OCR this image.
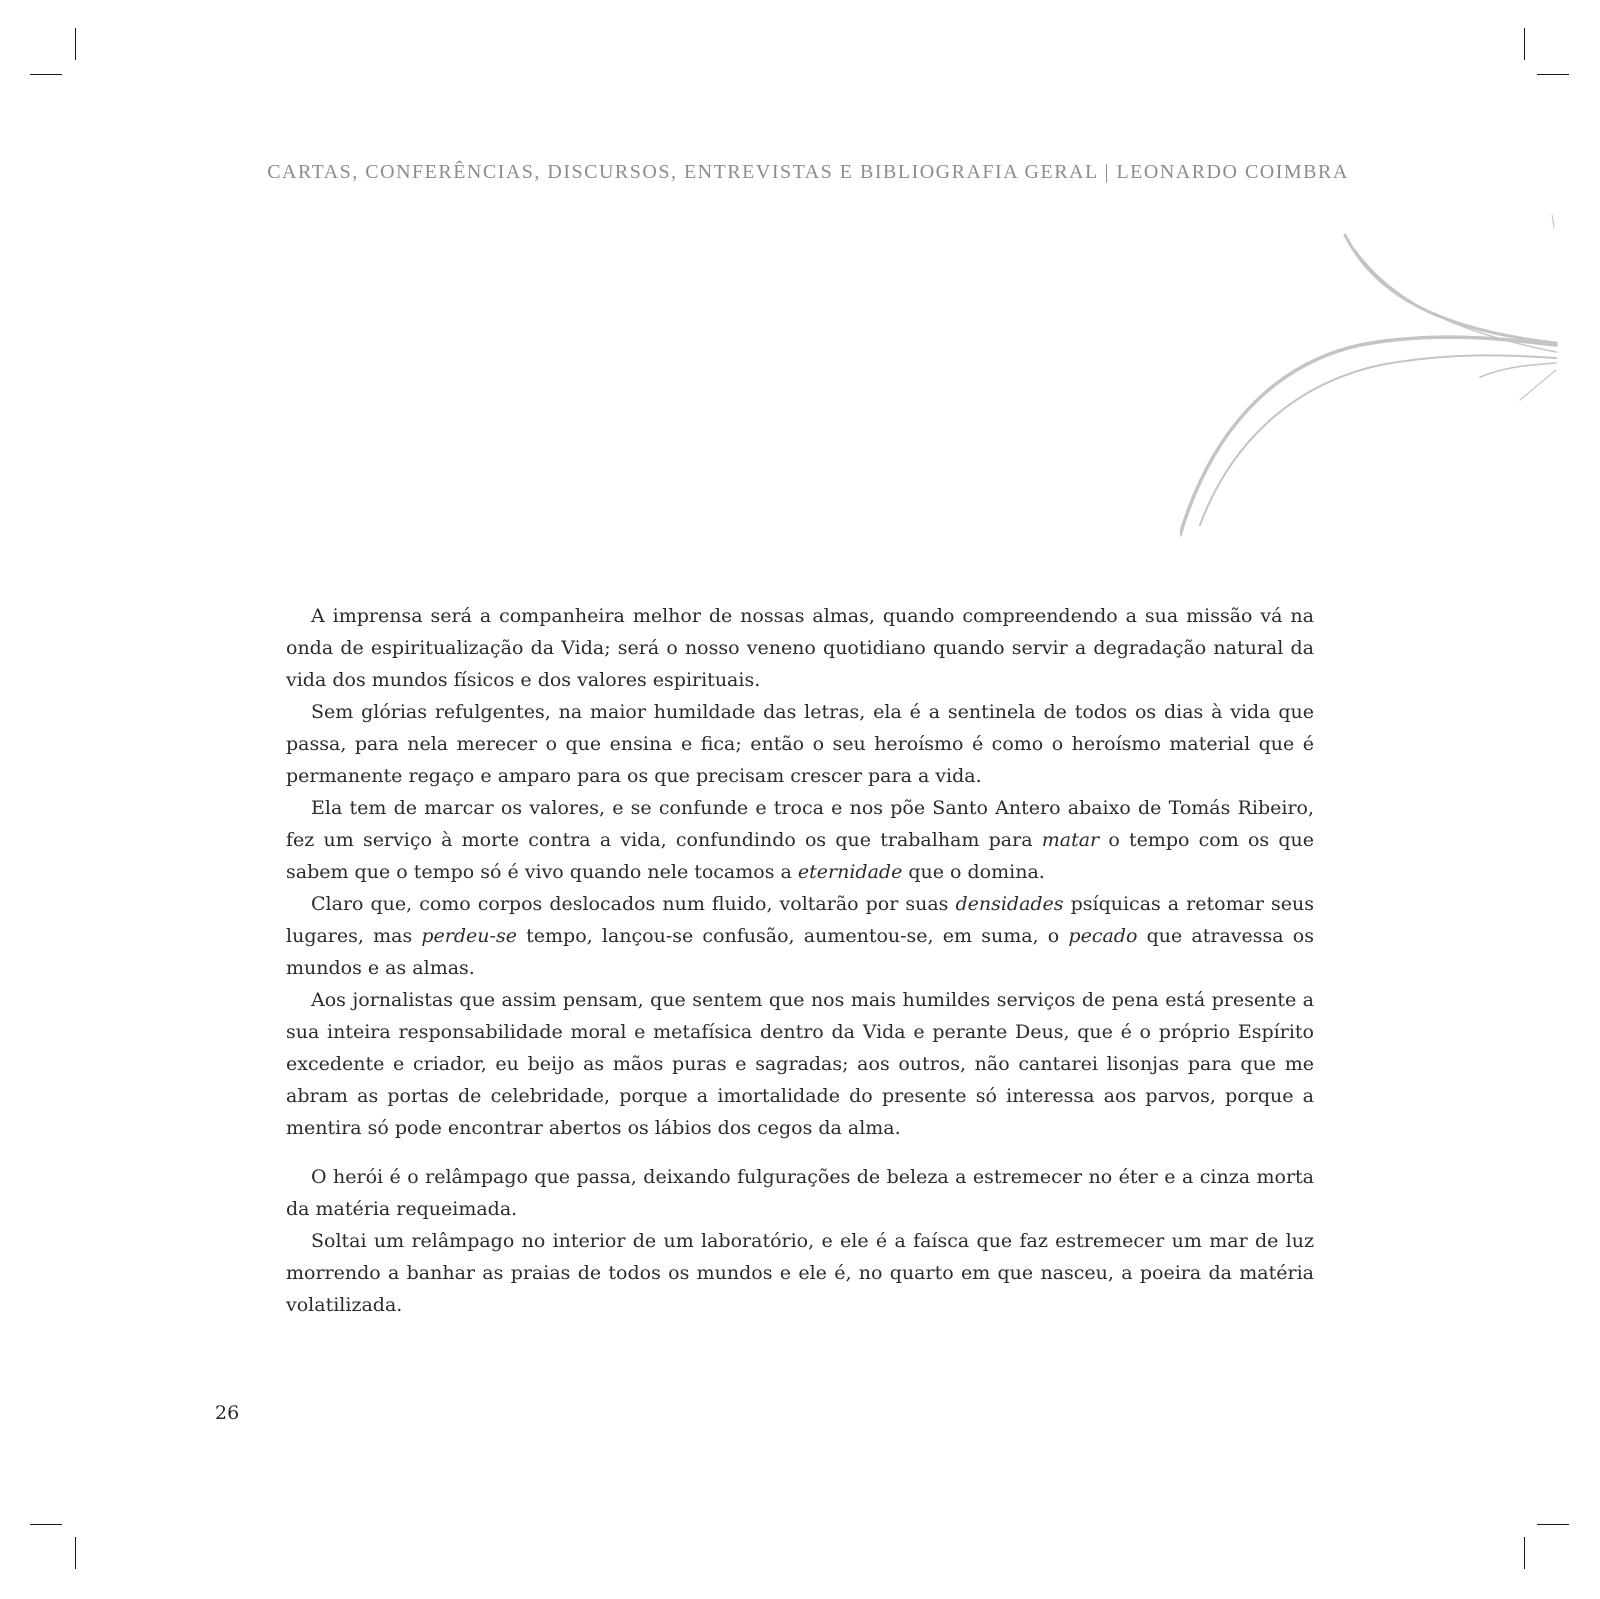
CARTAS, CONFERÊNCIAS, DISCURSOS, ENTREVISTAS E BIBLIOGRAFIA GERAL | LEONARDO COIMBRA

A imprensa será a companheira melhor de nossas almas, quando compreendendo a sua missão vá na onda de espiritualização da Vida; será o nosso veneno quotidiano quando servir a degradação natural da vida dos mundos físicos e dos valores espirituais.

Sem glórias refulgentes, na maior humildade das letras, ela é a sentinela de todos os dias à vida que passa, para nela merecer o que ensina e fica; então o seu heroísmo é como o heroísmo material que é permanente regaço e amparo para os que precisam crescer para a vida.

Ela tem de marcar os valores, e se confunde e troca e nos põe Santo Antero abaixo de Tomás Ribeiro, fez um serviço à morte contra a vida, confundindo os que trabalham para matar o tempo com os que sabem que o tempo só é vivo quando nele tocamos a eternidade que o domina.

Claro que, como corpos deslocados num fluido, voltarão por suas densidades psíquicas a retomar seus lugares, mas perdeu-se tempo, lançou-se confusão, aumentou-se, em suma, o pecado que atravessa os mundos e as almas.

Aos jornalistas que assim pensam, que sentem que nos mais humildes serviços de pena está presente a sua inteira responsabilidade moral e metafísica dentro da Vida e perante Deus, que é o próprio Espírito excedente e criador, eu beijo as mãos puras e sagradas; aos outros, não cantarei lisonjas para que me abram as portas de celebridade, porque a imortalidade do presente só interessa aos parvos, porque a mentira só pode encontrar abertos os lábios dos cegos da alma.

O herói é o relâmpago que passa, deixando fulgurações de beleza a estremecer no éter e a cinza morta da matéria requeimada.

Soltai um relâmpago no interior de um laboratório, e ele é a faísca que faz estremecer um mar de luz morrendo a banhar as praias de todos os mundos e ele é, no quarto em que nasceu, a poeira da matéria volatilizada.

26
